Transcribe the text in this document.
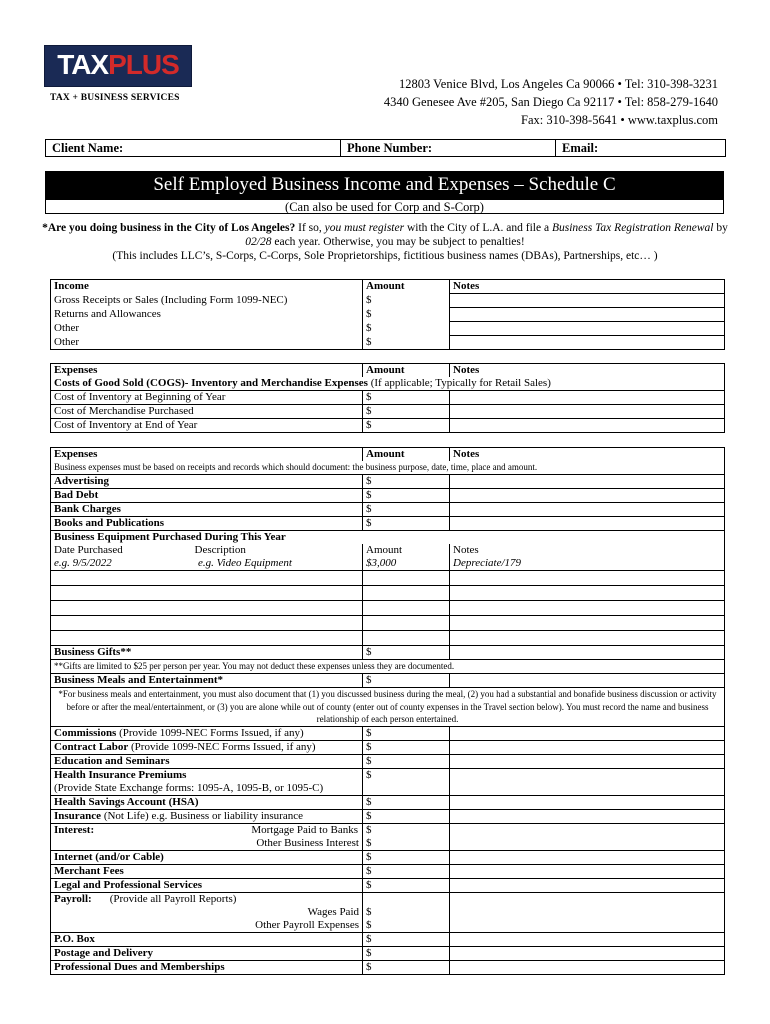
TAXPLUS
TAX + BUSINESS SERVICES
12803 Venice Blvd, Los Angeles Ca 90066 • Tel: 310-398-3231
4340 Genesee Ave #205, San Diego Ca 92117 • Tel: 858-279-1640
Fax: 310-398-5641 • www.taxplus.com
Client Name:	Phone Number:	Email:
Self Employed Business Income and Expenses – Schedule C
(Can also be used for Corp and S-Corp)
*Are you doing business in the City of Los Angeles? If so, you must register with the City of L.A. and file a Business Tax Registration Renewal by
02/28 each year. Otherwise, you may be subject to penalties!
(This includes LLC’s, S-Corps, C-Corps, Sole Proprietorships, fictitious business names (DBAs), Partnerships, etc… )
Income	Amount	Notes
Gross Receipts or Sales (Including Form 1099-NEC)	$	
Returns and Allowances	$	
Other	$	
Other	$	
Expenses	Amount	Notes
Costs of Good Sold (COGS)- Inventory and Merchandise Expenses (If applicable; Typically for Retail Sales)		
Cost of Inventory at Beginning of Year	$	
Cost of Merchandise Purchased	$	
Cost of Inventory at End of Year	$	
Expenses	Amount	Notes
Business expenses must be based on receipts and records which should document: the business purpose, date, time, place and amount.		
Advertising	$	
Bad Debt	$	
Bank Charges	$	
Books and Publications	$	
Business Equipment Purchased During This Year		
Date Purchased Description	Amount	Notes
e.g. 9/5/2022 e.g. Video Equipment	$3,000	Depreciate/179

Business Gifts**	$	
**Gifts are limited to $25 per person per year. You may not deduct these expenses unless they are documented.		
Business Meals and Entertainment*	$	
*For business meals and entertainment, you must also document that (1) you discussed business during the meal, (2) you had a substantial and bonafide business discussion or activity before or after the meal/entertainment, or (3) you are alone while out of county (enter out of county expenses in the Travel section below). You must record the name and business relationship of each person entertained.		
Commissions (Provide 1099-NEC Forms Issued, if any)	$	
Contract Labor (Provide 1099-NEC Forms Issued, if any)	$	
Education and Seminars	$	
Health Insurance Premiums	$	
(Provide State Exchange forms: 1095-A, 1095-B, or 1095-C)		
Health Savings Account (HSA)	$	
Insurance (Not Life) e.g. Business or liability insurance	$	
Interest: Mortgage Paid to Banks	$	
Other Business Interest	$	
Internet (and/or Cable)	$	
Merchant Fees	$	
Legal and Professional Services	$	
Payroll: (Provide all Payroll Reports)		
Wages Paid	$	
Other Payroll Expenses	$	
P.O. Box	$	
Postage and Delivery	$	
Professional Dues and Memberships	$	
